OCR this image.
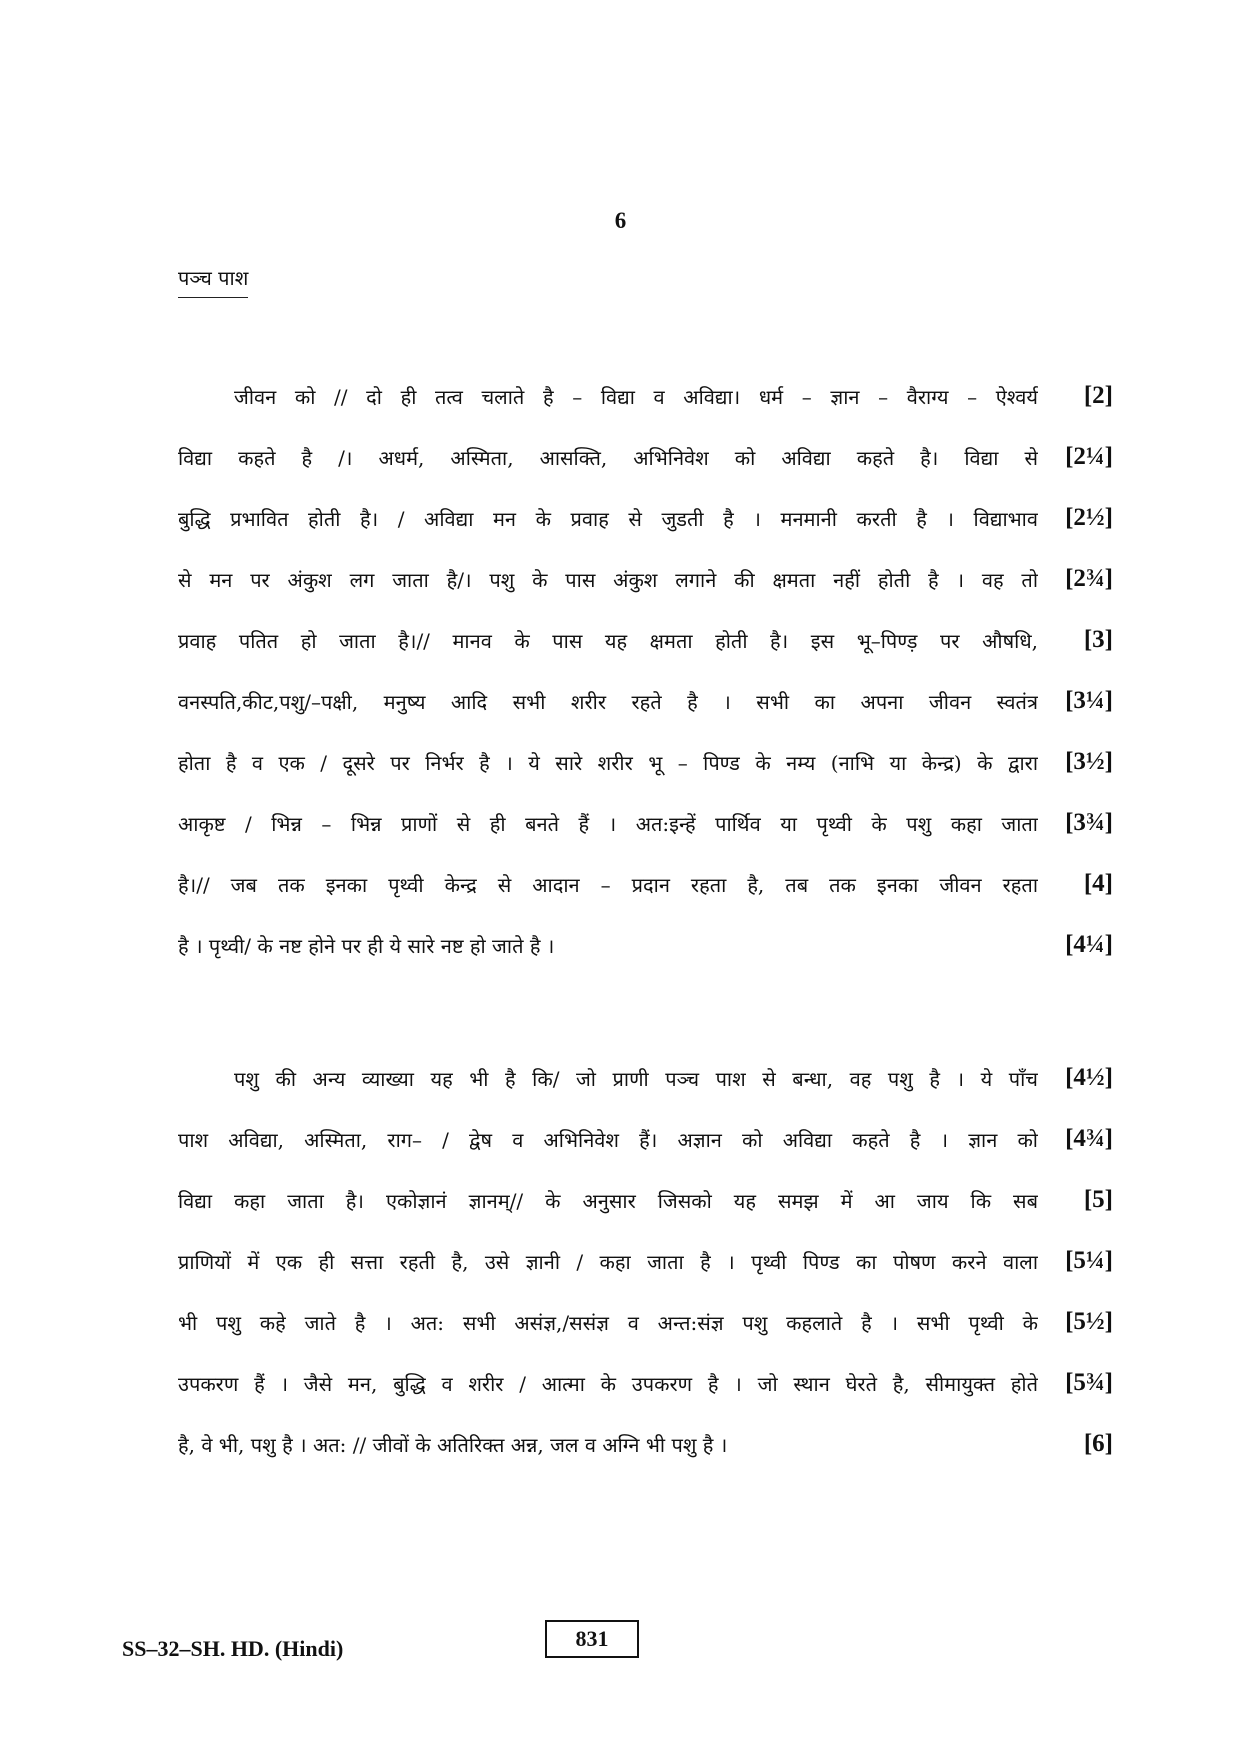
6
पञ्च पाश
जीवन को // दो ही तत्व चलाते है – विद्या व अविद्या। धर्म – ज्ञान – वैराग्य – ऐश्वर्य	[2]
विद्या कहते है /। अधर्म, अस्मिता, आसक्ति, अभिनिवेश को अविद्या कहते है। विद्या से	[2¼]
बुद्धि प्रभावित होती है। / अविद्या मन के प्रवाह से जुडती है । मनमानी करती है । विद्याभाव	[2½]
से मन पर अंकुश लग जाता है/। पशु के पास अंकुश लगाने की क्षमता नहीं होती है । वह तो	[2¾]
प्रवाह पतित हो जाता है।// मानव के पास यह क्षमता होती है। इस भू–पिण्ड़ पर औषधि,	[3]
वनस्पति,कीट,पशु/–पक्षी, मनुष्य आदि सभी शरीर रहते है । सभी का अपना जीवन स्वतंत्र	[3¼]
होता है व एक / दूसरे पर निर्भर है । ये सारे शरीर भू – पिण्ड के नम्य (नाभि या केन्द्र) के द्वारा	[3½]
आकृष्ट / भिन्न – भिन्न प्राणों से ही बनते हैं । अत:इन्हें पार्थिव या पृथ्वी के पशु कहा जाता	[3¾]
है।// जब तक इनका पृथ्वी केन्द्र से आदान – प्रदान रहता है, तब तक इनका जीवन रहता	[4]
है । पृथ्वी/ के नष्ट होने पर ही ये सारे नष्ट हो जाते है ।	[4¼]
पशु की अन्य व्याख्या यह भी है कि/ जो प्राणी पञ्च पाश से बन्धा, वह पशु है । ये पाँच	[4½]
पाश अविद्या, अस्मिता, राग– / द्वेष व अभिनिवेश हैं। अज्ञान को अविद्या कहते है । ज्ञान को	[4¾]
विद्या कहा जाता है। एकोज्ञानं ज्ञानम्// के अनुसार जिसको यह समझ में आ जाय कि सब	[5]
प्राणियों में एक ही सत्ता रहती है, उसे ज्ञानी / कहा जाता है । पृथ्वी पिण्ड का पोषण करने वाला	[5¼]
भी पशु कहे जाते है । अत: सभी असंज्ञ,/ससंज्ञ व अन्त:संज्ञ पशु कहलाते है । सभी पृथ्वी के	[5½]
उपकरण हैं । जैसे मन, बुद्धि व शरीर / आत्मा के उपकरण है । जो स्थान घेरते है, सीमायुक्त होते	[5¾]
है, वे भी, पशु है । अत: // जीवों के अतिरिक्त अन्न, जल व अग्नि भी पशु है ।	[6]
SS–32–SH. HD. (Hindi)	831
